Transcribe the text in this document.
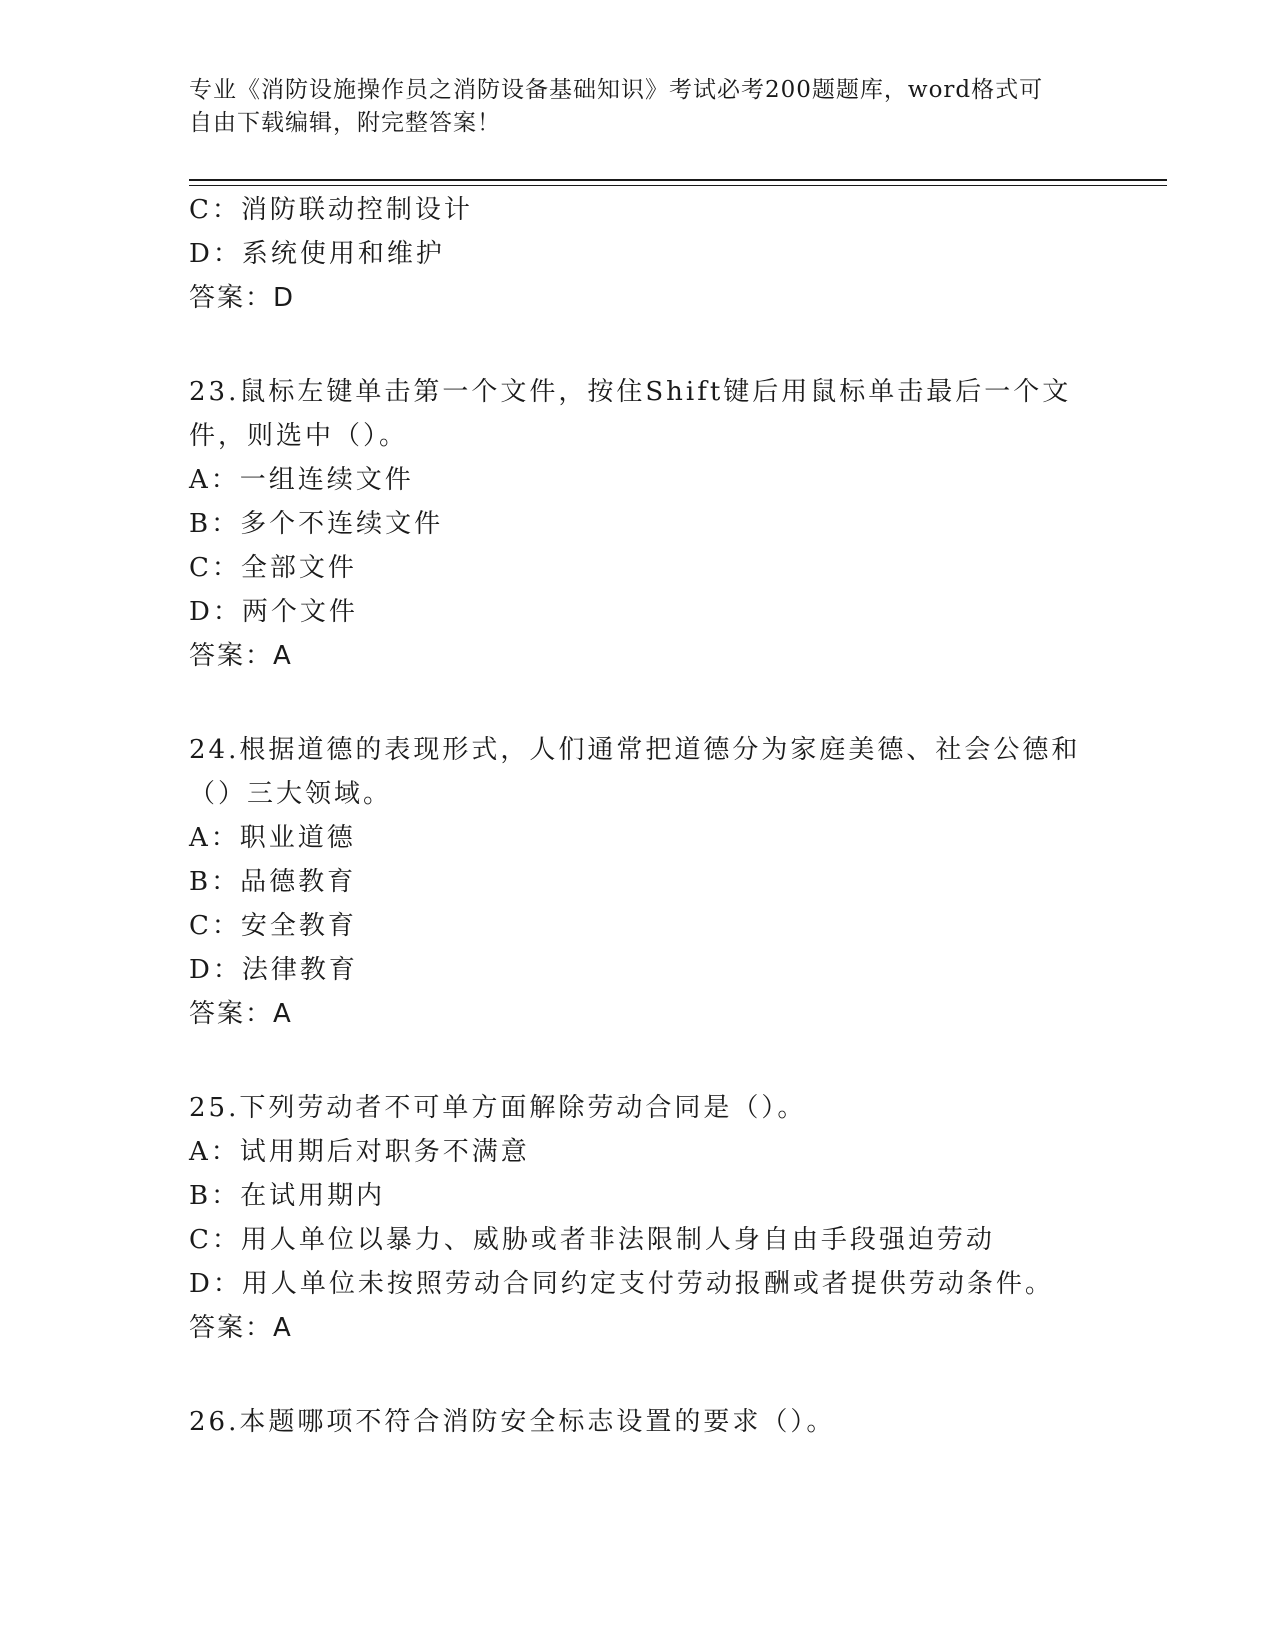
专业《消防设施操作员之消防设备基础知识》考试必考200题题库，word格式可
自由下载编辑，附完整答案！
C：消防联动控制设计
D：系统使用和维护
答案：D
23.鼠标左键单击第一个文件，按住Shift键后用鼠标单击最后一个文
件，则选中（）。
A：一组连续文件
B：多个不连续文件
C：全部文件
D：两个文件
答案：A
24.根据道德的表现形式，人们通常把道德分为家庭美德、社会公德和
（）三大领域。
A：职业道德
B：品德教育
C：安全教育
D：法律教育
答案：A
25.下列劳动者不可单方面解除劳动合同是（）。
A：试用期后对职务不满意
B：在试用期内
C：用人单位以暴力、威胁或者非法限制人身自由手段强迫劳动
D：用人单位未按照劳动合同约定支付劳动报酬或者提供劳动条件。
答案：A
26.本题哪项不符合消防安全标志设置的要求（）。
